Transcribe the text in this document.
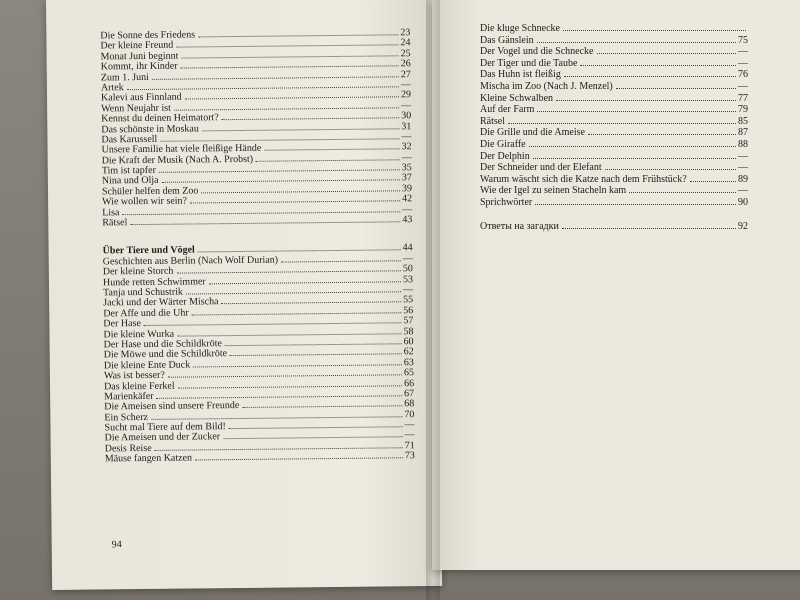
Die Sonne des Friedens	23
Der kleine Freund	24
Monat Juni beginnt	25
Kommt, ihr Kinder	26
Zum 1. Juni	27
Artek	—
Kalevi aus Finnland	29
Wenn Neujahr ist	—
Kennst du deinen Heimatort?	30
Das schönste in Moskau	31
Das Karussell	—
Unsere Familie hat viele fleißige Hände	32
Die Kraft der Musik (Nach A. Probst)	—
Tim ist tapfer	35
Nina und Olja	37
Schüler helfen dem Zoo	39
Wie wollen wir sein?	42
Lisa	—
Rätsel	43
Über Tiere und Vögel	44
Geschichten aus Berlin (Nach Wolf Durian)	—
Der kleine Storch	50
Hunde retten Schwimmer	53
Tanja und Schustrik	—
Jacki und der Wärter Mischa	55
Der Affe und die Uhr	56
Der Hase	57
Die kleine Wurka	58
Der Hase und die Schildkröte	60
Die Möwe und die Schildkröte	62
Die kleine Ente Duck	63
Was ist besser?	65
Das kleine Ferkel	66
Marienkäfer	67
Die Ameisen sind unsere Freunde	68
Ein Scherz	70
Sucht mal Tiere auf dem Bild!	—
Die Ameisen und der Zucker	—
Desis Reise	71
Mäuse fangen Katzen	73
94
Die kluge Schnecke
Das Gänslein	75
Der Vogel und die Schnecke	—
Der Tiger und die Taube	—
Das Huhn ist fleißig	76
Mischa im Zoo (Nach J. Menzel)	—
Kleine Schwalben	77
Auf der Farm	79
Rätsel	85
Die Grille und die Ameise	87
Die Giraffe	88
Der Delphin	—
Der Schneider und der Elefant	—
Warum wäscht sich die Katze nach dem Frühstück?	89
Wie der Igel zu seinen Stacheln kam	—
Sprichwörter	90
Ответы на загадки	92
